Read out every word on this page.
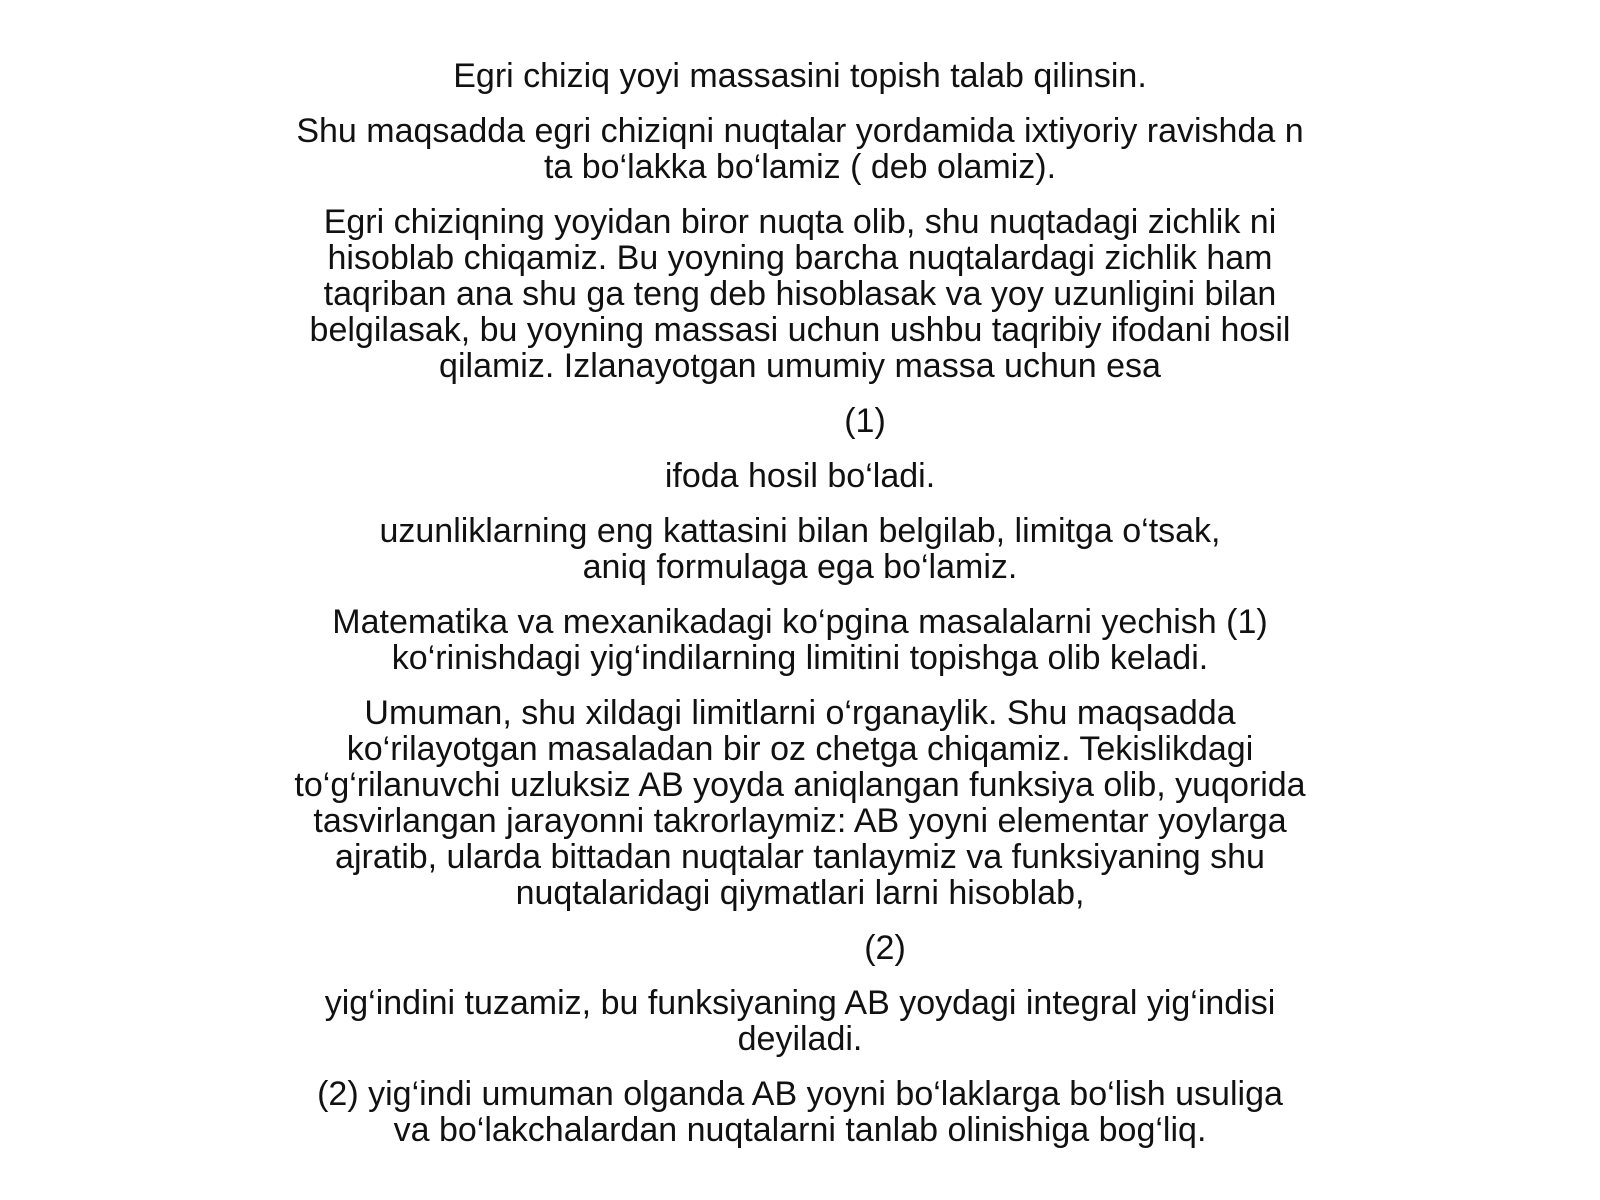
Egri chiziq yoyi massasini topish talab qilinsin.

Shu maqsadda egri chiziqni nuqtalar yordamida ixtiyoriy ravishda n
ta bo‘lakka bo‘lamiz ( deb olamiz).

Egri chiziqning yoyidan biror nuqta olib, shu nuqtadagi zichlik ni
hisoblab chiqamiz. Bu yoyning barcha nuqtalardagi zichlik ham
taqriban ana shu ga teng deb hisoblasak va yoy uzunligini bilan
belgilasak, bu yoyning massasi uchun ushbu taqribiy ifodani hosil
qilamiz. Izlanayotgan umumiy massa uchun esa

(1)

ifoda hosil bo‘ladi.

uzunliklarning eng kattasini bilan belgilab, limitga o‘tsak,
aniq formulaga ega bo‘lamiz.

Matematika va mexanikadagi ko‘pgina masalalarni yechish (1)
ko‘rinishdagi yig‘indilarning limitini topishga olib keladi.

Umuman, shu xildagi limitlarni o‘rganaylik. Shu maqsadda
ko‘rilayotgan masaladan bir oz chetga chiqamiz. Tekislikdagi
to‘g‘rilanuvchi uzluksiz AB yoyda aniqlangan funksiya olib, yuqorida
tasvirlangan jarayonni takrorlaymiz: AB yoyni elementar yoylarga
ajratib, ularda bittadan nuqtalar tanlaymiz va funksiyaning shu
nuqtalaridagi qiymatlari larni hisoblab,

(2)

yig‘indini tuzamiz, bu funksiyaning AB yoydagi integral yig‘indisi
deyiladi.

(2) yig‘indi umuman olganda AB yoyni bo‘laklarga bo‘lish usuliga
va bo‘lakchalardan nuqtalarni tanlab olinishiga bog‘liq.
